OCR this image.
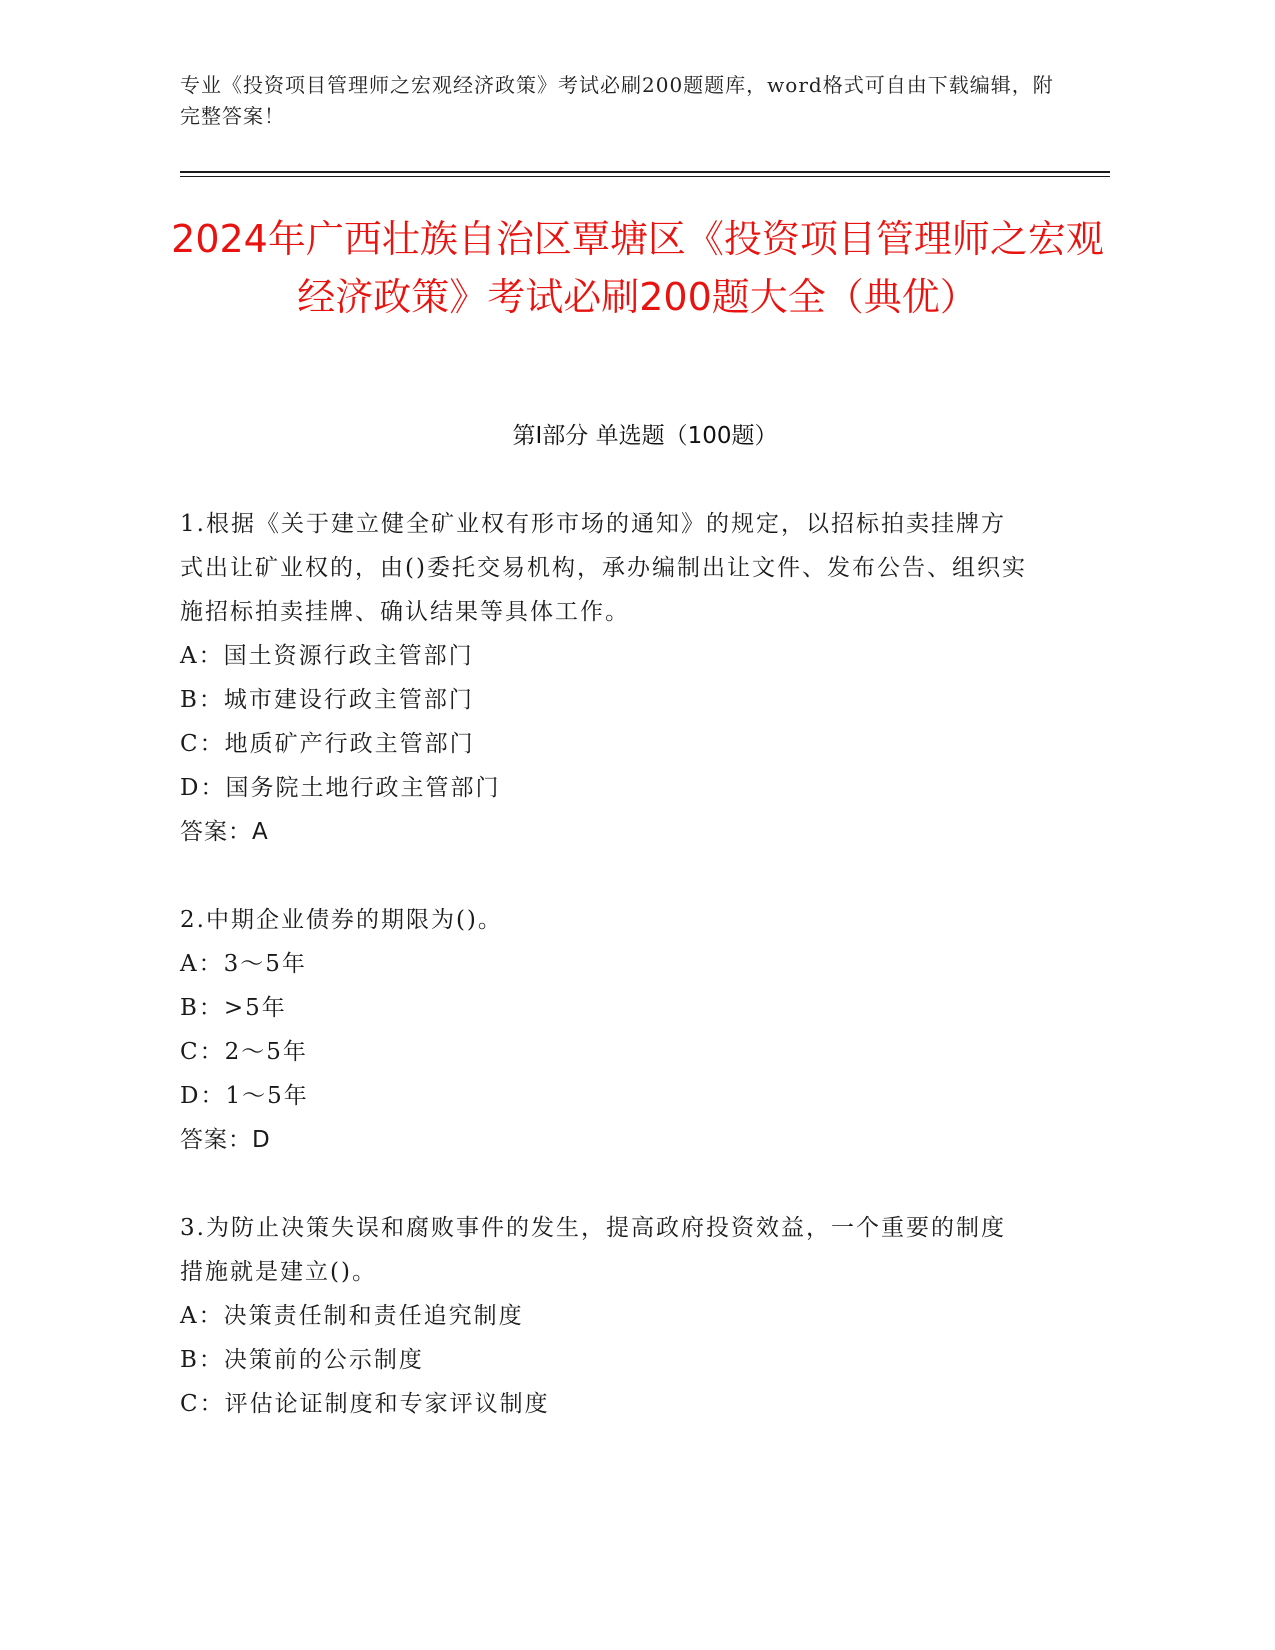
专业《投资项目管理师之宏观经济政策》考试必刷200题题库，word格式可自由下载编辑，附完整答案！
2024年广西壮族自治区覃塘区《投资项目管理师之宏观经济政策》考试必刷200题大全（典优）
第I部分 单选题（100题）
1.根据《关于建立健全矿业权有形市场的通知》的规定，以招标拍卖挂牌方式出让矿业权的，由()委托交易机构，承办编制出让文件、发布公告、组织实施招标拍卖挂牌、确认结果等具体工作。
A：国土资源行政主管部门
B：城市建设行政主管部门
C：地质矿产行政主管部门
D：国务院土地行政主管部门
答案：A
2.中期企业债券的期限为()。
A：3～5年
B：>5年
C：2～5年
D：1～5年
答案：D
3.为防止决策失误和腐败事件的发生，提高政府投资效益，一个重要的制度措施就是建立()。
A：决策责任制和责任追究制度
B：决策前的公示制度
C：评估论证制度和专家评议制度
